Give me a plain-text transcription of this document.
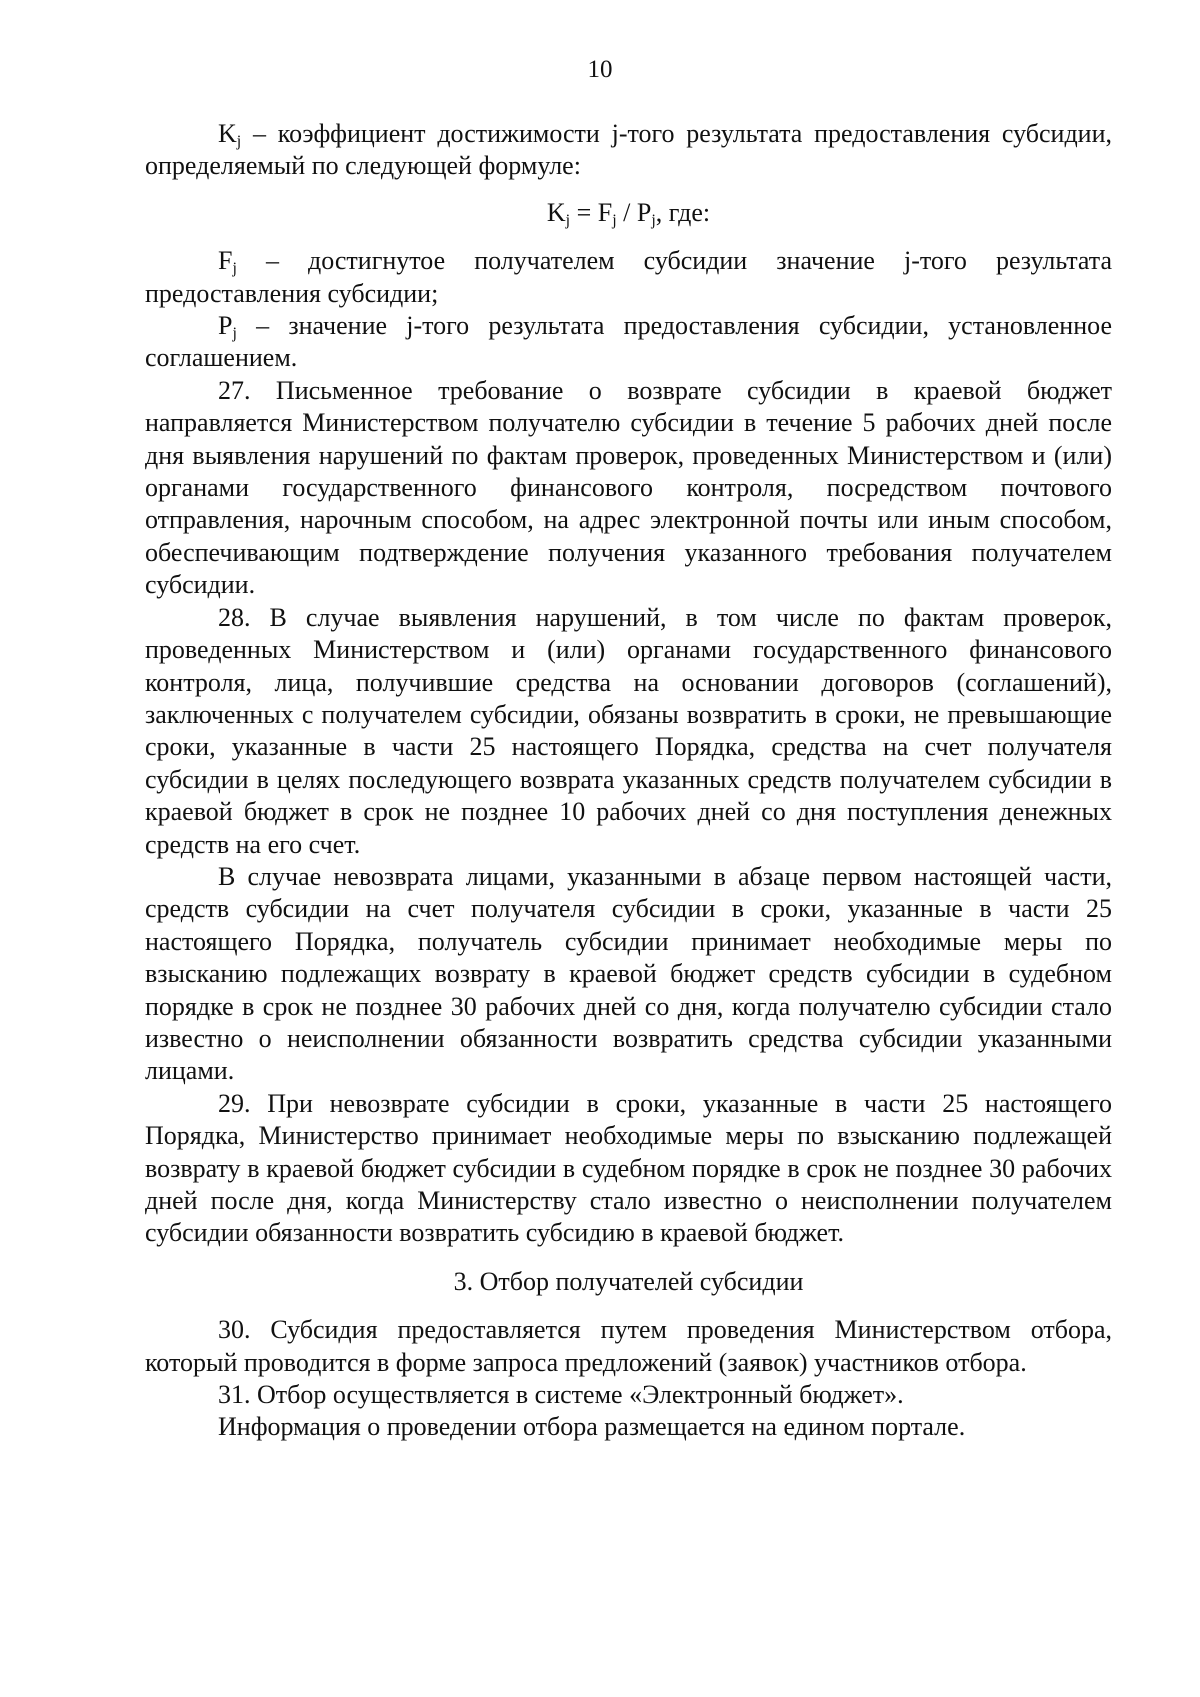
10

$K_j$ – коэффициент достижимости j-того результата предоставления субсидии, определяемый по следующей формуле:

$K_j = F_j / P_j$, где:

$F_j$ – достигнутое получателем субсидии значение j-того результата предоставления субсидии;

$P_j$ – значение j-того результата предоставления субсидии, установленное соглашением.

27. Письменное требование о возврате субсидии в краевой бюджет направляется Министерством получателю субсидии в течение 5 рабочих дней после дня выявления нарушений по фактам проверок, проведенных Министерством и (или) органами государственного финансового контроля, посредством почтового отправления, нарочным способом, на адрес электронной почты или иным способом, обеспечивающим подтверждение получения указанного требования получателем субсидии.

28. В случае выявления нарушений, в том числе по фактам проверок, проведенных Министерством и (или) органами государственного финансового контроля, лица, получившие средства на основании договоров (соглашений), заключенных с получателем субсидии, обязаны возвратить в сроки, не превышающие сроки, указанные в части 25 настоящего Порядка, средства на счет получателя субсидии в целях последующего возврата указанных средств получателем субсидии в краевой бюджет в срок не позднее 10 рабочих дней со дня поступления денежных средств на его счет.

В случае невозврата лицами, указанными в абзаце первом настоящей части, средств субсидии на счет получателя субсидии в сроки, указанные в части 25 настоящего Порядка, получатель субсидии принимает необходимые меры по взысканию подлежащих возврату в краевой бюджет средств субсидии в судебном порядке в срок не позднее 30 рабочих дней со дня, когда получателю субсидии стало известно о неисполнении обязанности возвратить средства субсидии указанными лицами.

29. При невозврате субсидии в сроки, указанные в части 25 настоящего Порядка, Министерство принимает необходимые меры по взысканию подлежащей возврату в краевой бюджет субсидии в судебном порядке в срок не позднее 30 рабочих дней после дня, когда Министерству стало известно о неисполнении получателем субсидии обязанности возвратить субсидию в краевой бюджет.

3. Отбор получателей субсидии

30. Субсидия предоставляется путем проведения Министерством отбора, который проводится в форме запроса предложений (заявок) участников отбора.

31. Отбор осуществляется в системе «Электронный бюджет».

Информация о проведении отбора размещается на едином портале.
